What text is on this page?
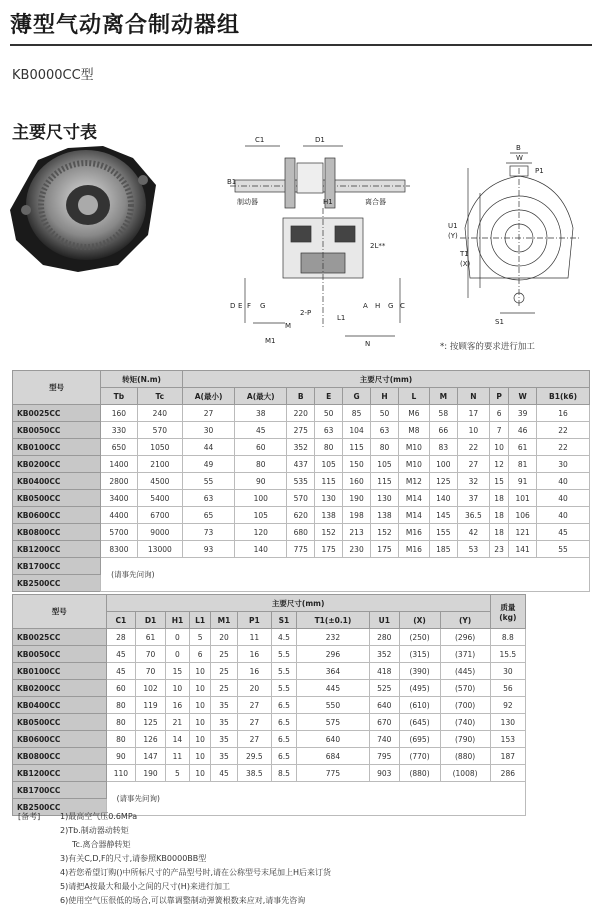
薄型气动离合制动器组
KB0000CC型
主要尺寸表	C1	D1
B1
制动器	H1	离合器
2L**
D E F G	A H G C
M
2-P
L1
M1	N
B
W
P1
U1
(Y)
T1
(X)
S1
*: 按顾客的要求进行加工
型号	转矩(N.m)		主要尺寸(mm)											
	Tb	Tc	A(最小)	A(最大)	B	E	G	H	L	M	N	P	W	B1(k6)
KB0025CC	160	240	27	38	220	50	85	50	M6	58	17	6	39	16
KB0050CC	330	570	30	45	275	63	104	63	M8	66	10	7	46	22
KB0100CC	650	1050	44	60	352	80	115	80	M10	83	22	10	61	22
KB0200CC	1400	2100	49	80	437	105	150	105	M10	100	27	12	81	30
KB0400CC	2800	4500	55	90	535	115	160	115	M12	125	32	15	91	40
KB0500CC	3400	5400	63	100	570	130	190	130	M14	140	37	18	101	40
KB0600CC	4400	6700	65	105	620	138	198	138	M14	145	36.5	18	106	40
KB0800CC	5700	9000	73	120	680	152	213	152	M16	155	42	18	121	45
KB1200CC	8300	13000	93	140	775	175	230	175	M16	185	53	23	141	55
KB1700CC	(请事先问询)													
KB2500CC														
型号	主要尺寸(mm)											质量
(kg)

	C1	D1	H1	L1	M1	P1	S1	T1(±0.1)	U1	(X)	(Y)	
KB0025CC	28	61	0	5	20	11	4.5	232	280	(250)	(296)	8.8
KB0050CC	45	70	0	6	25	16	5.5	296	352	(315)	(371)	15.5
KB0100CC	45	70	15	10	25	16	5.5	364	418	(390)	(445)	30
KB0200CC	60	102	10	10	25	20	5.5	445	525	(495)	(570)	56
KB0400CC	80	119	16	10	35	27	6.5	550	640	(610)	(700)	92
KB0500CC	80	125	21	10	35	27	6.5	575	670	(645)	(740)	130
KB0600CC	80	126	14	10	35	27	6.5	640	740	(695)	(790)	153
KB0800CC	90	147	11	10	35	29.5	6.5	684	795	(770)	(880)	187
KB1200CC	110	190	5	10	45	38.5	8.5	775	903	(880)	(1008)	286
KB1700CC	(请事先问询)											
KB2500CC												
[备考] 1)最高空气压0.6MPa
2)Tb.制动器动转矩
Tc.离合器静转矩
3)有关C,D,F的尺寸,请参照KB0000BB型
4)若您希望订购()中所标尺寸的产品型号时,请在公称型号末尾加上H后来订货
5)请把A按最大和最小之间的尺寸(H)来进行加工
6)使用空气压很低的场合,可以靠调整制动弹簧根数来应对,请事先咨询
